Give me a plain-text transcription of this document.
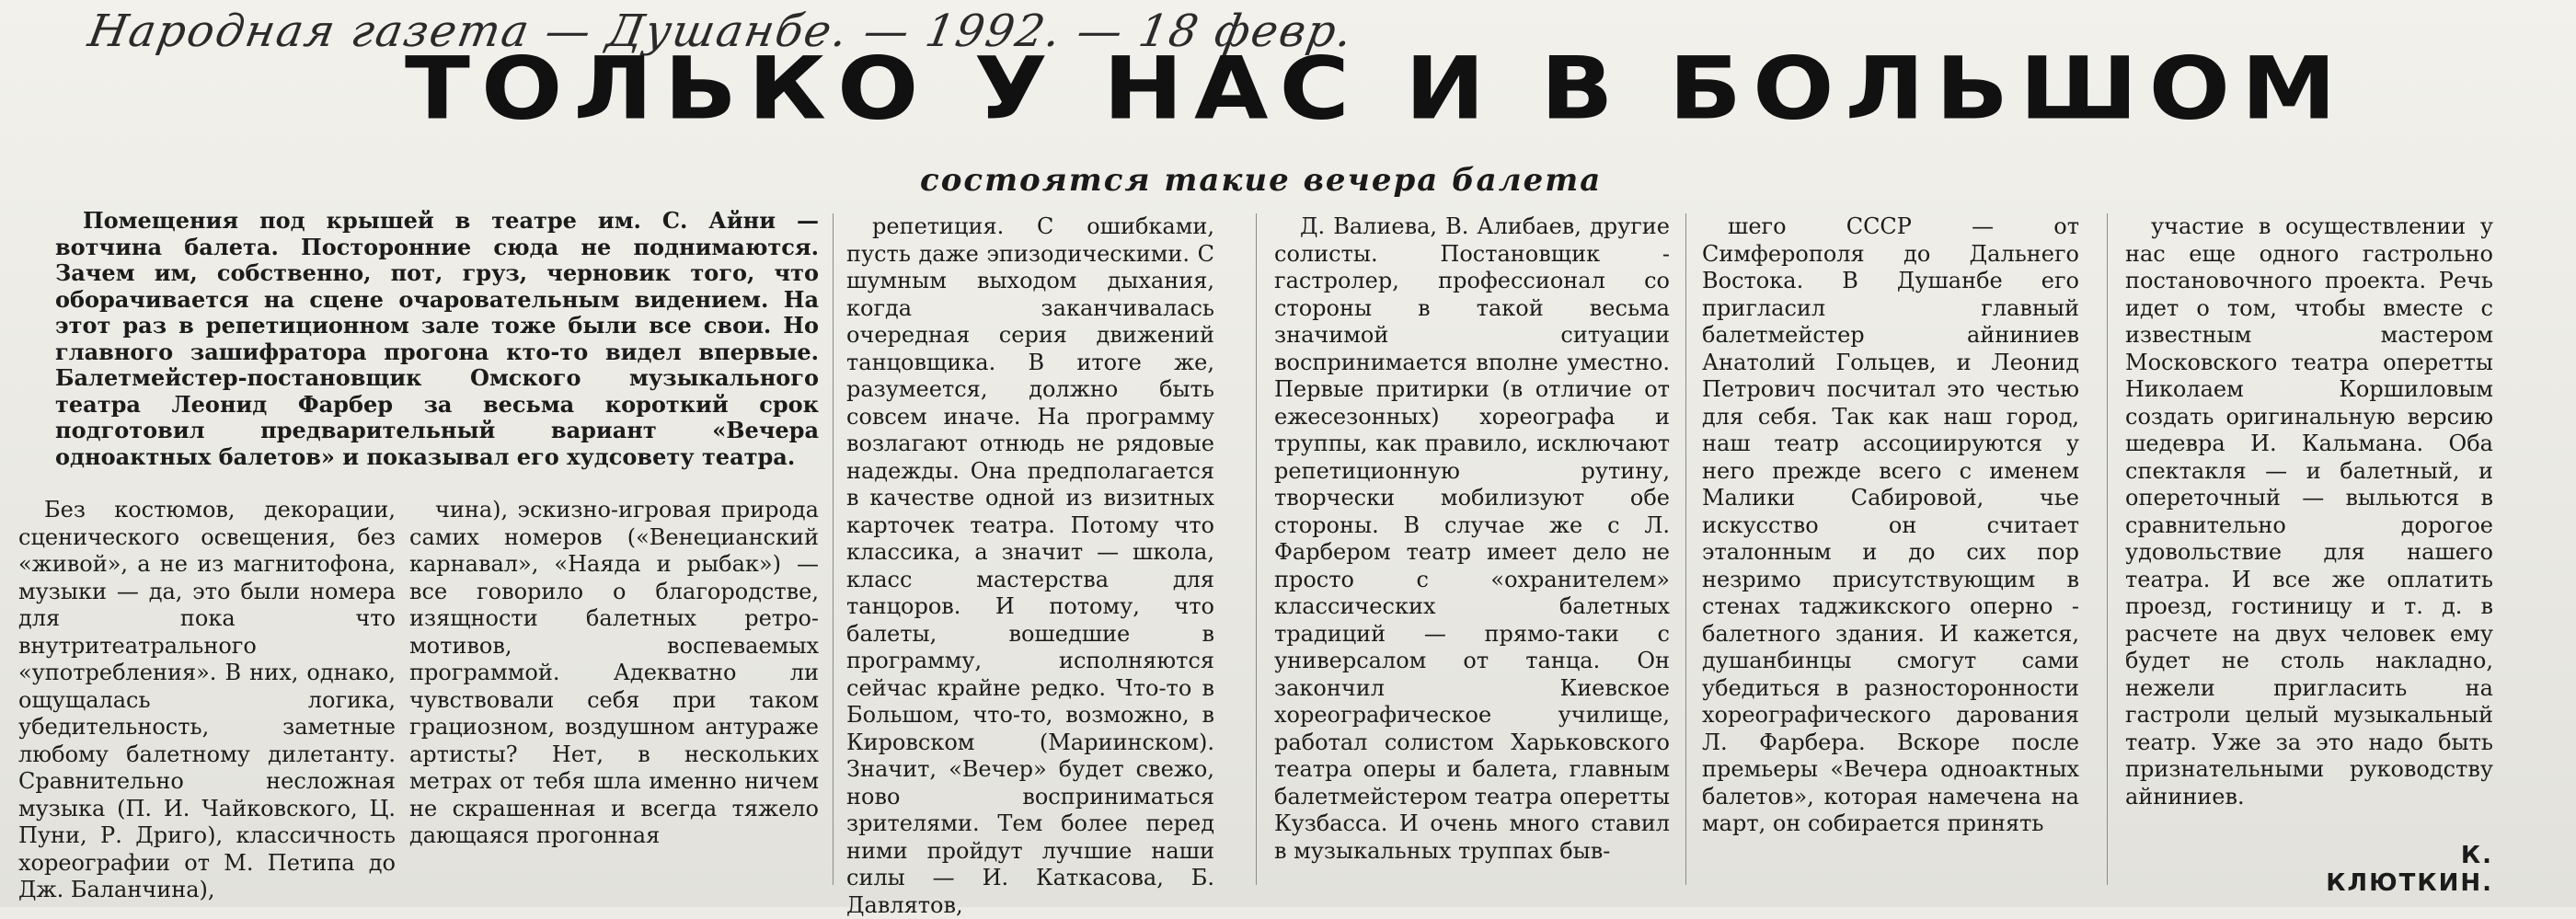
Народная газета — Душанбе. — 1992. — 18 февр.
ТОЛЬКО У НАС И В БОЛЬШОМ
состоятся такие вечера балета

Помещения под крышей в театре им. С. Айни — вотчина балета. Посторонние сюда не поднимаются. Зачем им, собственно, пот, груз, черновик того, что оборачивается на сцене очаровательным видением. На этот раз в репетиционном зале тоже были все свои. Но главного зашифратора прогона кто-то видел впервые. Балетмейстер-постановщик Омского музыкального театра Леонид Фарбер за весьма короткий срок подготовил предварительный вариант «Вечера одноактных балетов» и показывал его худсовету театра.

Без костюмов, декорации, сценического освещения, без «живой», а не из магнитофона, музыки — да, это были номера для пока что внутритеатрального «употребления». В них, однако, ощущалась логика, убедительность, заметные любому балетному дилетанту. Сравнительно несложная музыка (П. И. Чайковского, Ц. Пуни, Р. Дриго), классичность хореографии от М. Петипа до Дж. Баланчина),

чина), эскизно-игровая природа самих номеров («Венецианский карнавал», «Наяда и рыбак») — все говорило о благородстве, изящности балетных ретро-мотивов, воспеваемых программой. Адекватно ли чувствовали себя при таком грациозном, воздушном антураже артисты? Нет, в нескольких метрах от тебя шла именно ничем не скрашенная и всегда тяжело дающаяся прогонная

репетиция. С ошибками, пусть даже эпизодическими. С шумным выходом дыхания, когда заканчивалась очередная серия движений танцовщика. В итоге же, разумеется, должно быть совсем иначе. На программу возлагают отнюдь не рядовые надежды. Она предполагается в качестве одной из визитных карточек театра. Потому что классика, а значит — школа, класс мастерства для танцоров. И потому, что балеты, вошедшие в программу, исполняются сейчас крайне редко. Что-то в Большом, что-то, возможно, в Кировском (Мариинском). Значит, «Вечер» будет свежо, ново восприниматься зрителями. Тем более перед ними пройдут лучшие наши силы — И. Каткасова, Б. Давлятов,

Д. Валиева, В. Алибаев, другие солисты. Постановщик - гастролер, профессионал со стороны в такой весьма значимой ситуации воспринимается вполне уместно. Первые притирки (в отличие от ежесезонных) хореографа и труппы, как правило, исключают репетиционную рутину, творчески мобилизуют обе стороны. В случае же с Л. Фарбером театр имеет дело не просто с «охранителем» классических балетных традиций — прямо-таки с универсалом от танца. Он закончил Киевское хореографическое училище, работал солистом Харьковского театра оперы и балета, главным балетмейстером театра оперетты Кузбасса. И очень много ставил в музыкальных труппах быв-

шего СССР — от Симферополя до Дальнего Востока. В Душанбе его пригласил главный балетмейстер айниниев Анатолий Гольцев, и Леонид Петрович посчитал это честью для себя. Так как наш город, наш театр ассоциируются у него прежде всего с именем Малики Сабировой, чье искусство он считает эталонным и до сих пор незримо присутствующим в стенах таджикского оперно - балетного здания. И кажется, душанбинцы смогут сами убедиться в разносторонности хореографического дарования Л. Фарбера. Вскоре после премьеры «Вечера одноактных балетов», которая намечена на март, он собирается принять

участие в осуществлении у нас еще одного гастрольно постановочного проекта. Речь идет о том, чтобы вместе с известным мастером Московского театра оперетты Николаем Коршиловым создать оригинальную версию шедевра И. Кальмана. Оба спектакля — и балетный, и опереточный — выльются в сравнительно дорогое удовольствие для нашего театра. И все же оплатить проезд, гостиницу и т. д. в расчете на двух человек ему будет не столь накладно, нежели пригласить на гастроли целый музыкальный театр. Уже за это надо быть признательными руководству айниниев.

К. КЛЮТКИН.
